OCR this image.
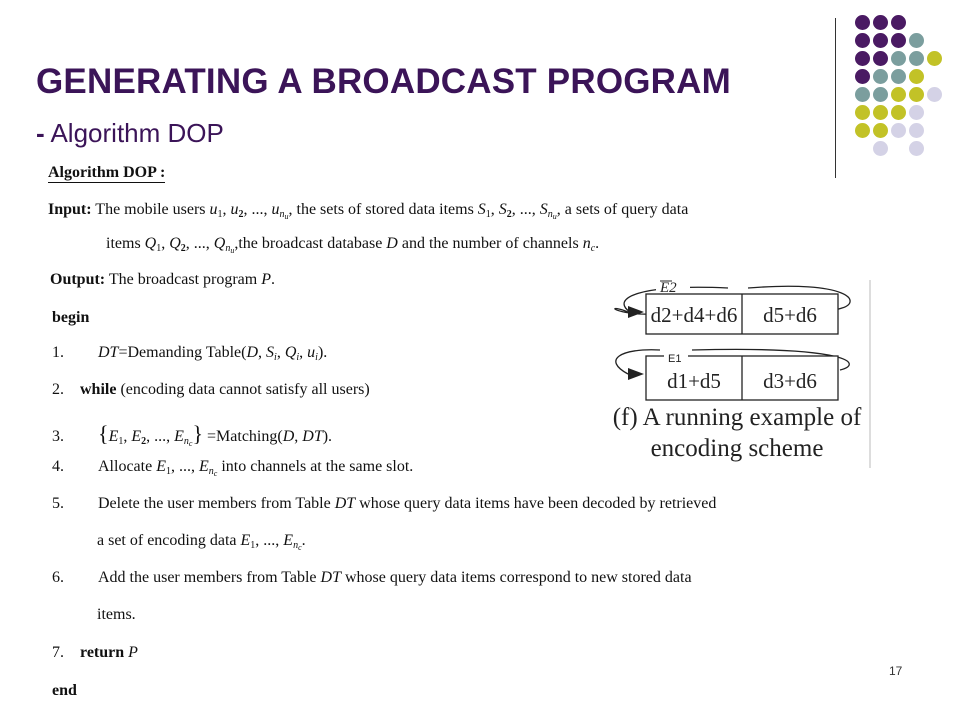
GENERATING A BROADCAST PROGRAM
- Algorithm DOP
Algorithm DOP :
Input: The mobile users $u_1$, $u_2$, ..., $u_{n_u}$, the sets of stored data items $S_1$, $S_2$, ..., $S_{n_u}$, a sets of query data
items $Q_1$, $Q_2$, ..., $Q_{n_u},the$ broadcast database D and the number of channels $n_c$.
Output: The broadcast program P.
begin
1. DT=Demanding Table(D, $S_i$, $Q_i$, $u_i$).
2. while (encoding data cannot satisfy all users)
3. {$E_1$, $E_2$, ..., $E_{n_c}$} =Matching(D, DT).
4. Allocate $E_1$, ..., $E_{n_c}$ into channels at the same slot.
5. Delete the user members from Table DT whose query data items have been decoded by retrieved
a set of encoding data $E_1$, ..., $E_{n_c}$.
6. Add the user members from Table DT whose query data items correspond to new stored data
items.
7. return P
end
E2
d2+d4+d6 d5+d6
E1
d1+d5 d3+d6
(f) A running example of
encoding scheme
17
